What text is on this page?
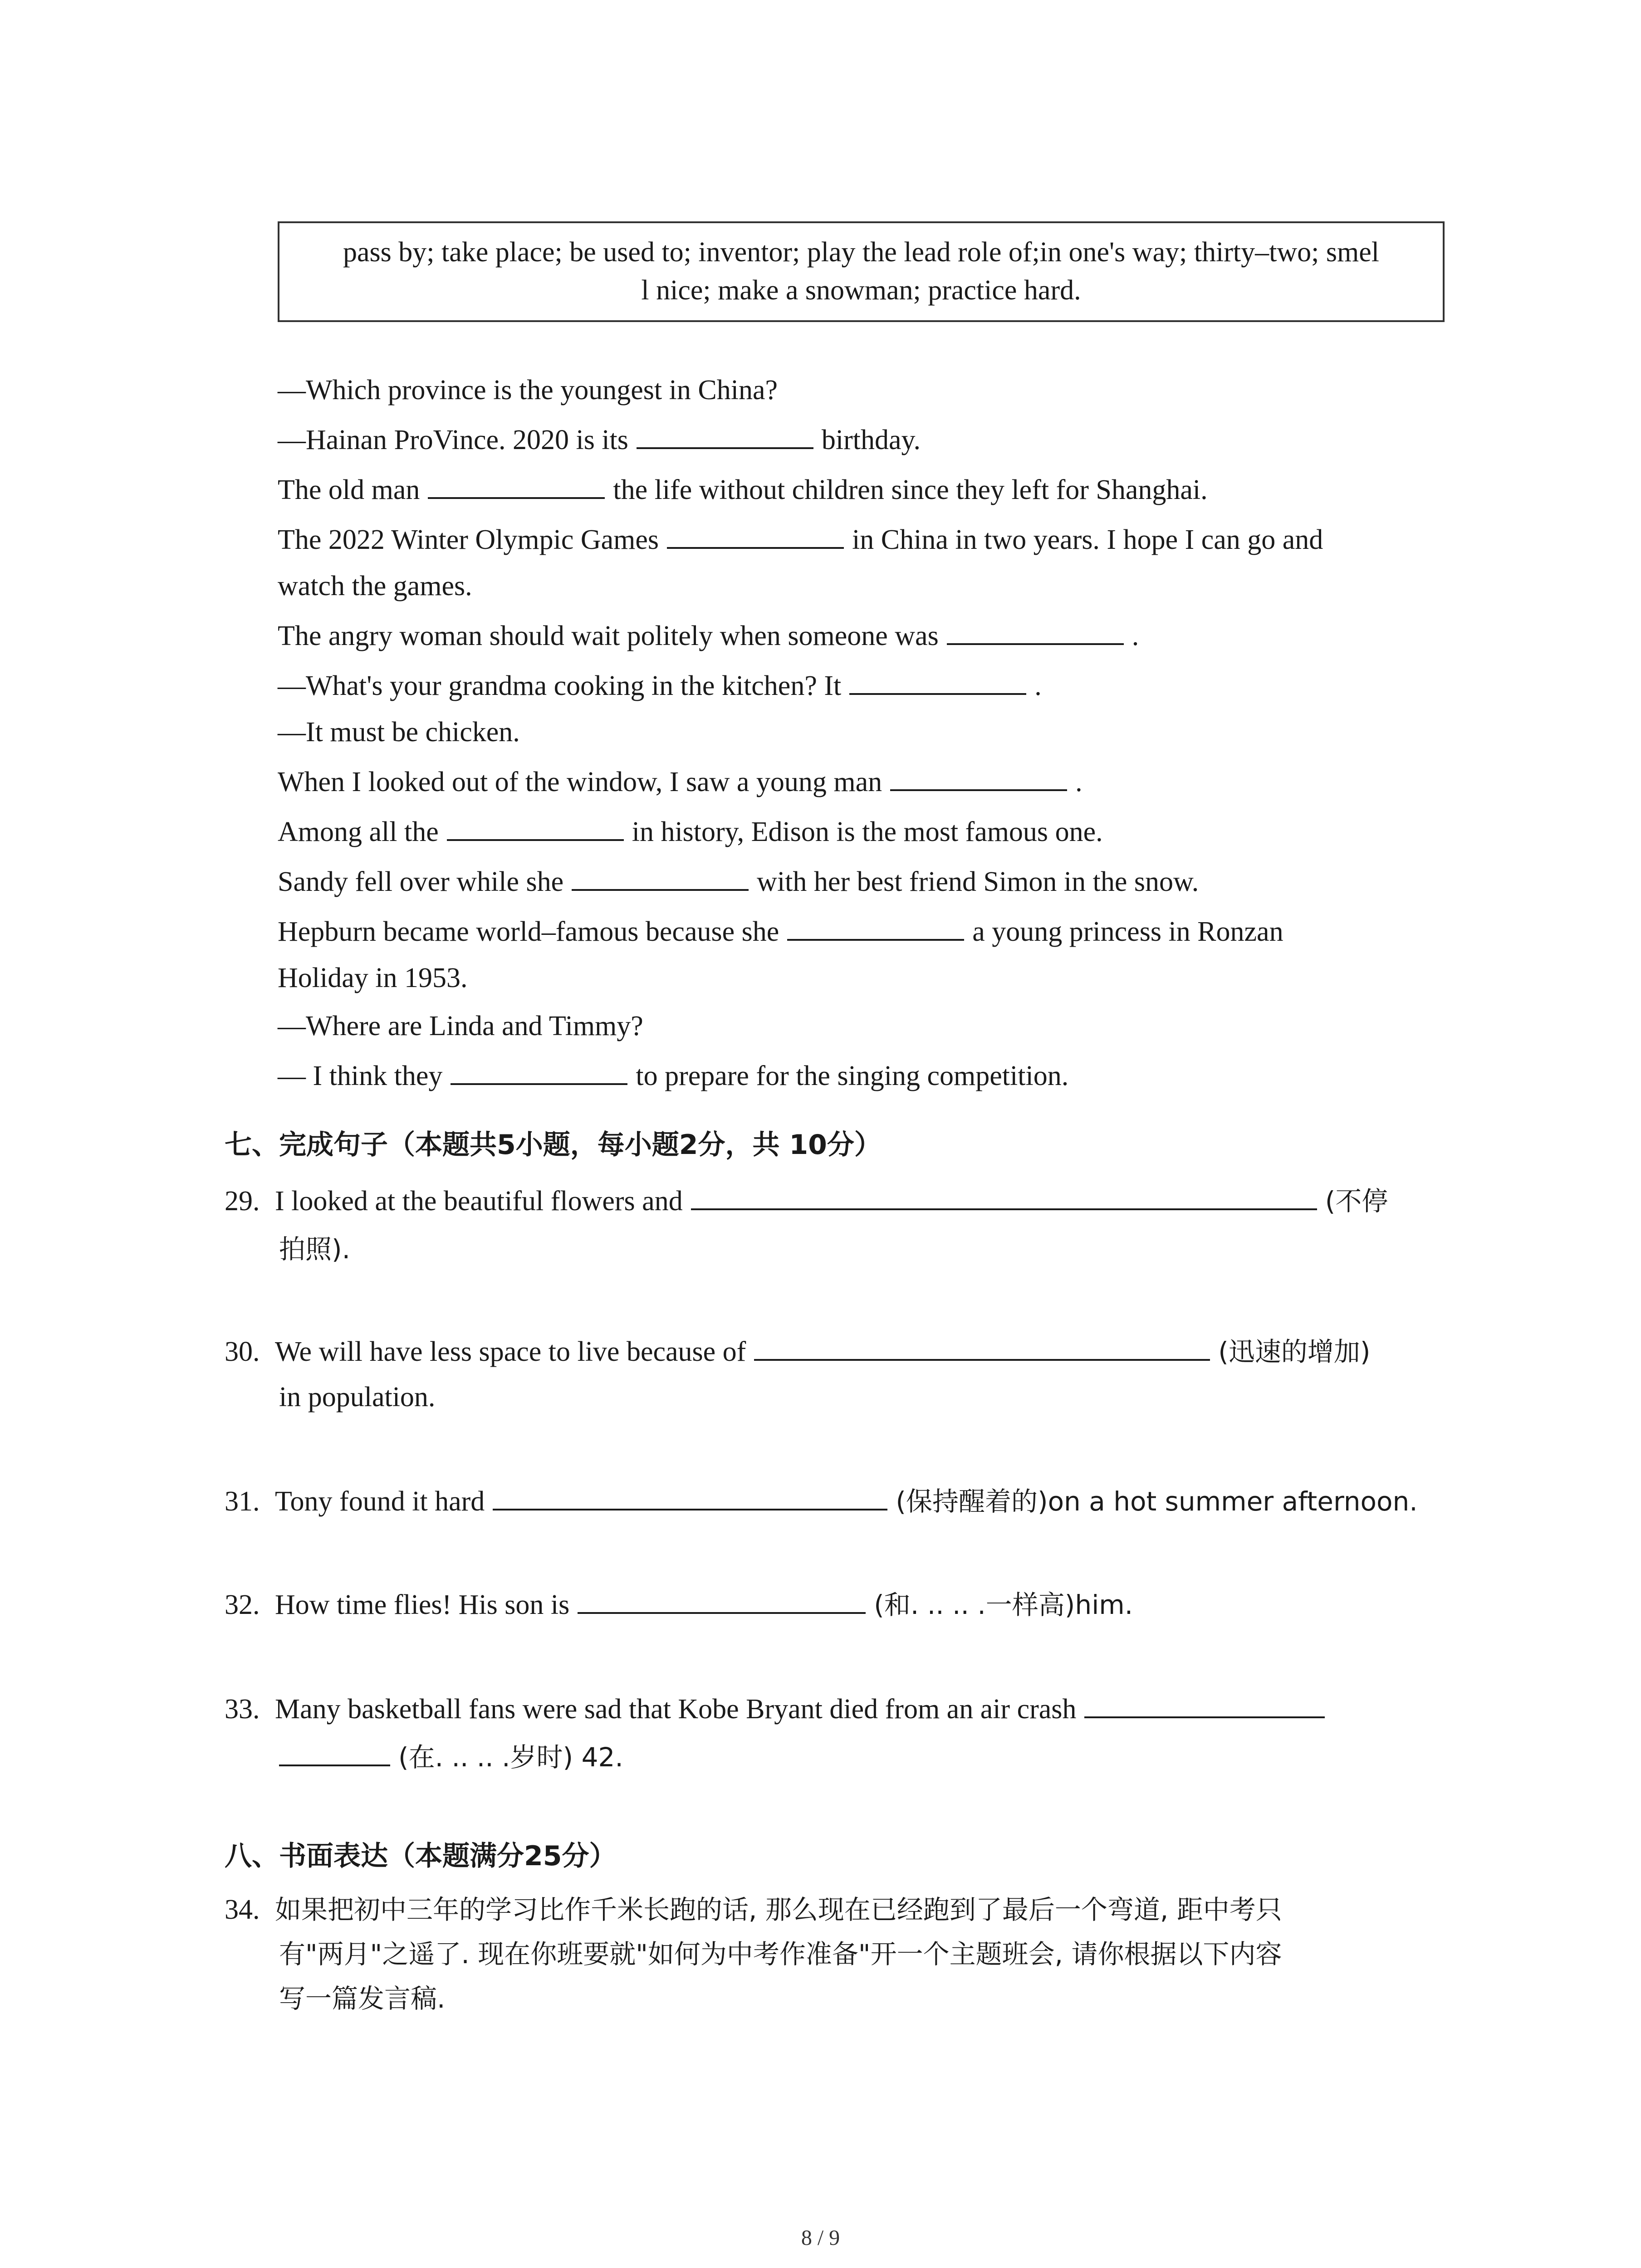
pass by; take place; be used to; inventor; play the lead role of;in one's way; thirty–two; smel
l nice; make a snowman; practice hard.
—Which province is the youngest in China?
—Hainan ProVince. 2020 is its	birthday.
The old man	the life without children since they left for Shanghai.
The 2022 Winter Olympic Games	in China in two years. I hope I can go and
watch the games.
The angry woman should wait politely when someone was	.
—What's your grandma cooking in the kitchen? It	.
—It must be chicken.
When I looked out of the window, I saw a young man	.
Among all the	in history, Edison is the most famous one.
Sandy fell over while she	with her best friend Simon in the snow.
Hepburn became world–famous because she	a young princess in Ronzan
Holiday in 1953.
—Where are Linda and Timmy?
— I think they	to prepare for the singing competition.
七、完成句子（本题共5小题，每小题2分，共 10分）
29. I looked at the beautiful flowers and	(不停
拍照).
30. We will have less space to live because of	(迅速的增加)
in population.
31. Tony found it hard	(保持醒着的)on a hot summer afternoon.
32. How time flies! His son is	(和. .. .. .一样高)him.
33. Many basketball fans were sad that Kobe Bryant died from an air crash
(在. .. .. .岁时) 42.
八、书面表达（本题满分25分）
34. 如果把初中三年的学习比作千米长跑的话, 那么现在已经跑到了最后一个弯道, 距中考只
有"两月"之遥了. 现在你班要就"如何为中考作准备"开一个主题班会, 请你根据以下内容
写一篇发言稿.
8 / 9
